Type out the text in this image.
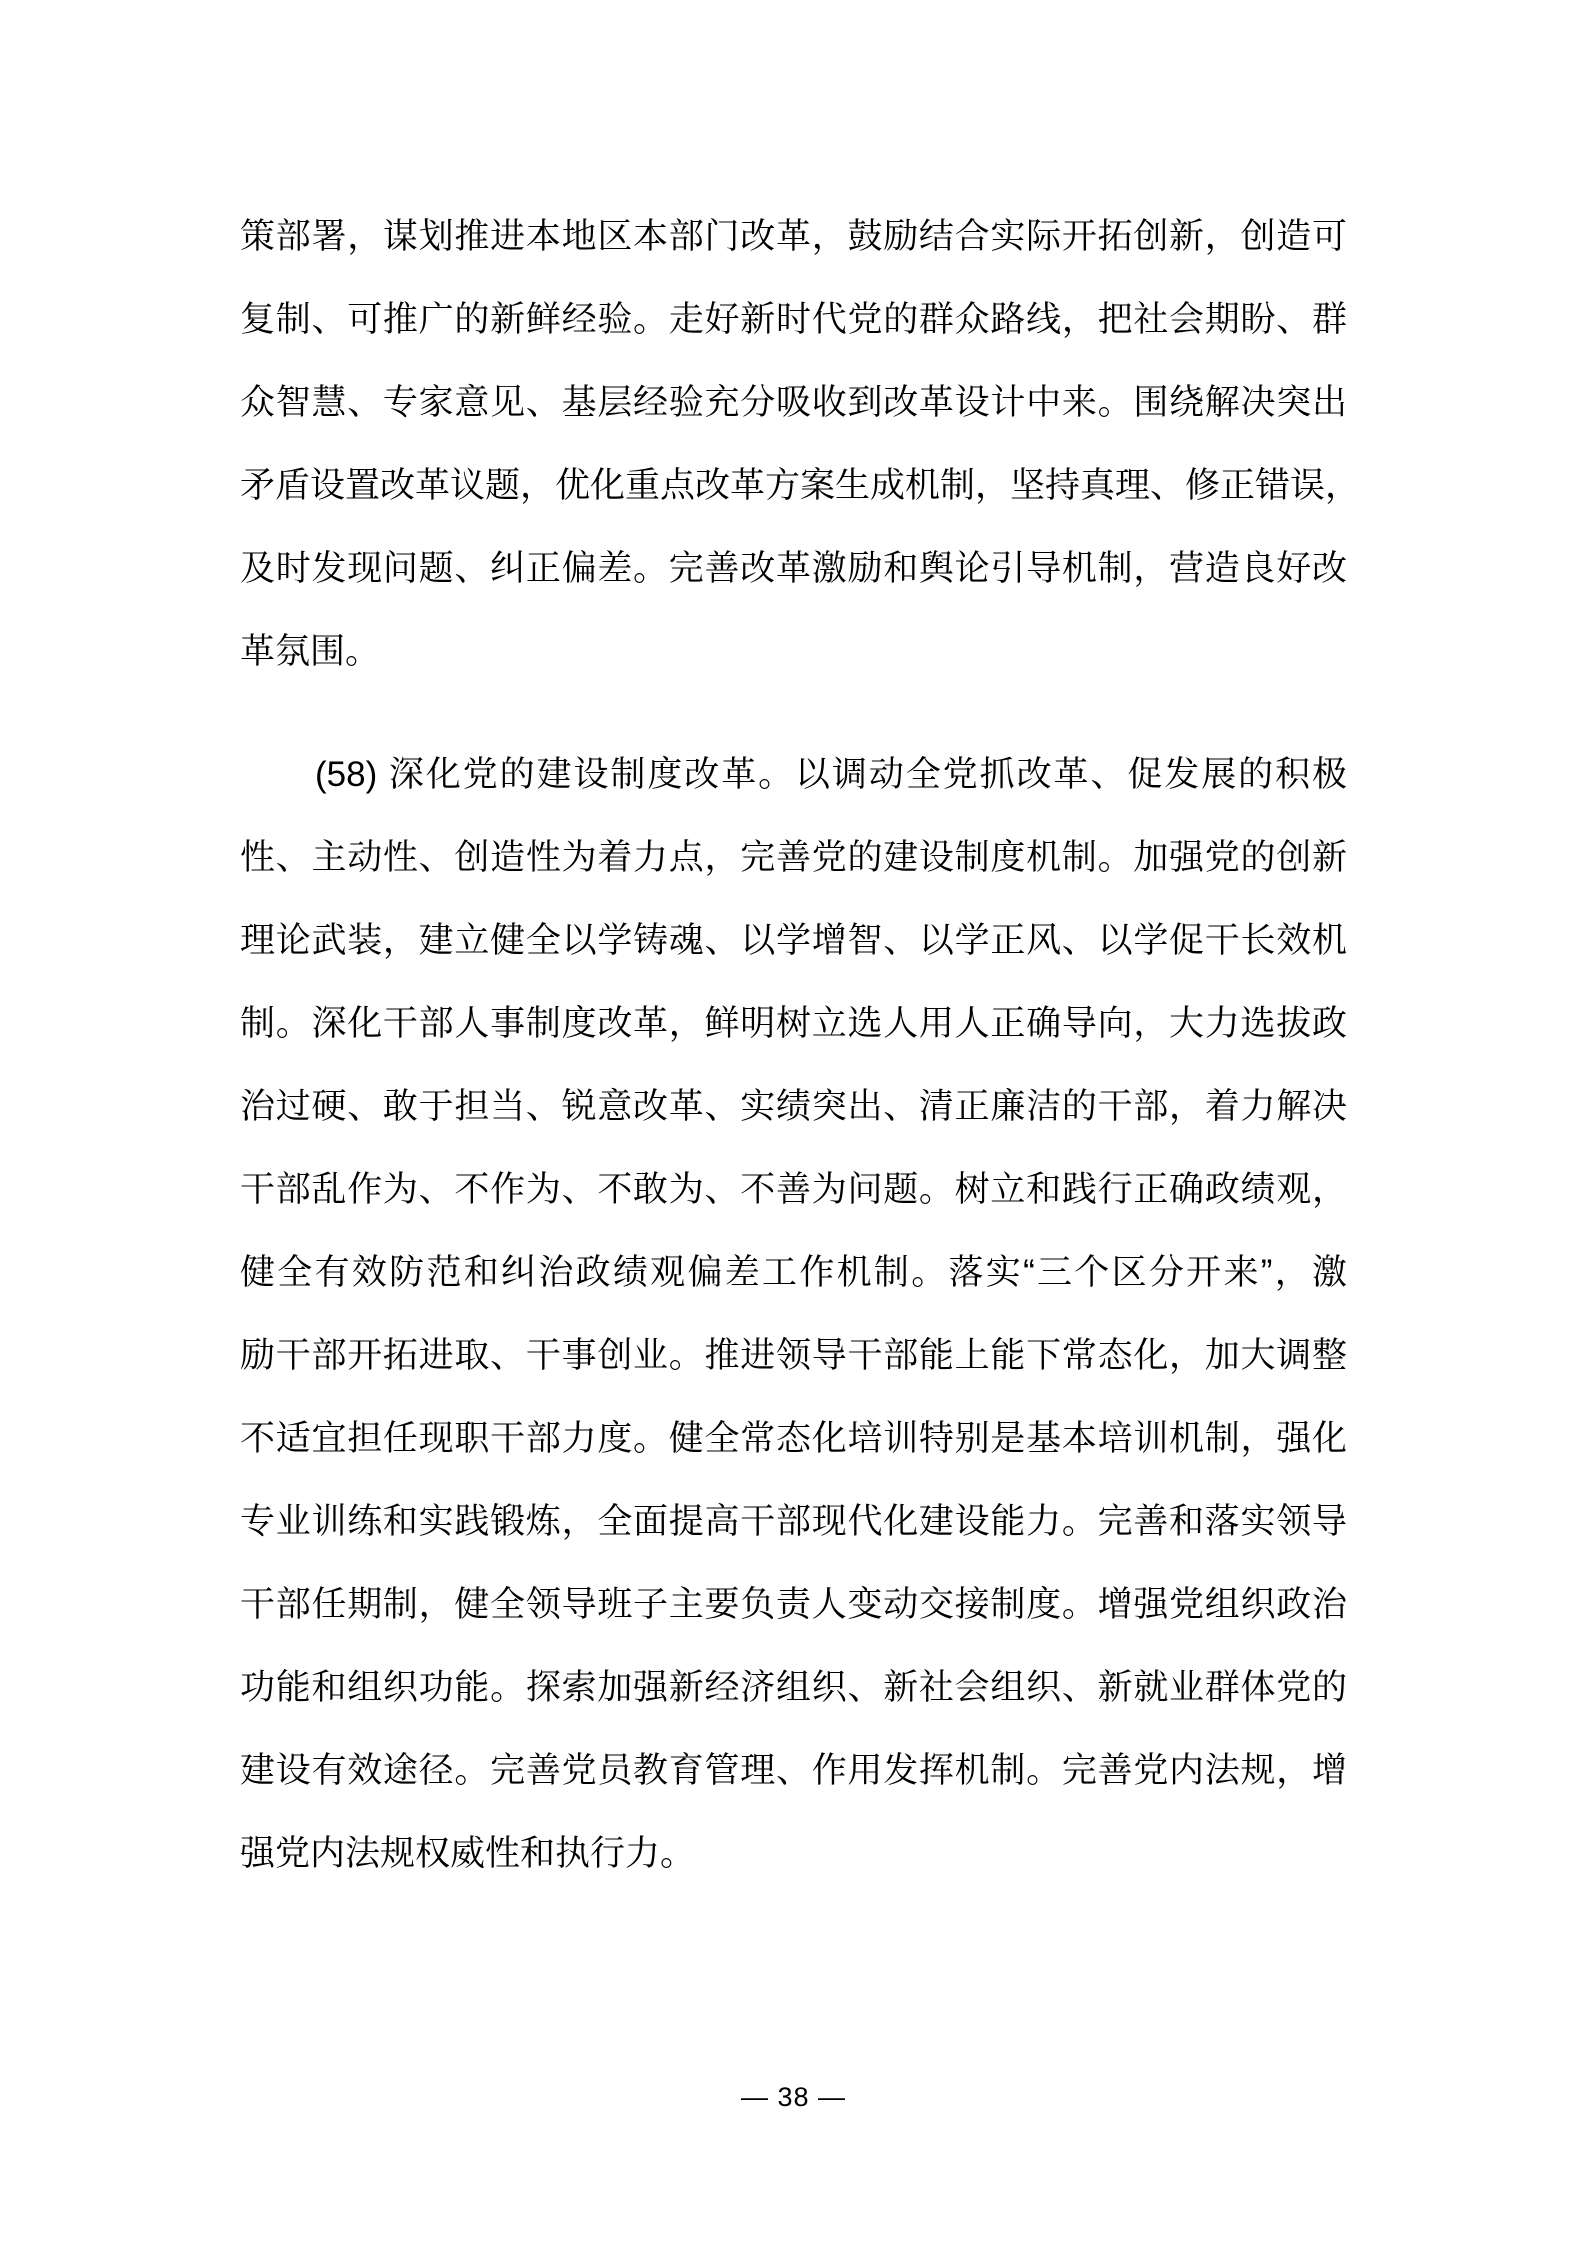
策部署，谋划推进本地区本部门改革，鼓励结合实际开拓创新，创造可
复制、可推广的新鲜经验。走好新时代党的群众路线，把社会期盼、群
众智慧、专家意见、基层经验充分吸收到改革设计中来。围绕解决突出
矛盾设置改革议题，优化重点改革方案生成机制，坚持真理、修正错误，
及时发现问题、纠正偏差。完善改革激励和舆论引导机制，营造良好改
革氛围。
(58) 深化党的建设制度改革。以调动全党抓改革、促发展的积极
性、主动性、创造性为着力点，完善党的建设制度机制。加强党的创新
理论武装，建立健全以学铸魂、以学增智、以学正风、以学促干长效机
制。深化干部人事制度改革，鲜明树立选人用人正确导向，大力选拔政
治过硬、敢于担当、锐意改革、实绩突出、清正廉洁的干部，着力解决
干部乱作为、不作为、不敢为、不善为问题。树立和践行正确政绩观，
健全有效防范和纠治政绩观偏差工作机制。落实“三个区分开来”，激
励干部开拓进取、干事创业。推进领导干部能上能下常态化，加大调整
不适宜担任现职干部力度。健全常态化培训特别是基本培训机制，强化
专业训练和实践锻炼，全面提高干部现代化建设能力。完善和落实领导
干部任期制，健全领导班子主要负责人变动交接制度。增强党组织政治
功能和组织功能。探索加强新经济组织、新社会组织、新就业群体党的
建设有效途径。完善党员教育管理、作用发挥机制。完善党内法规，增
强党内法规权威性和执行力。
— 38 —
